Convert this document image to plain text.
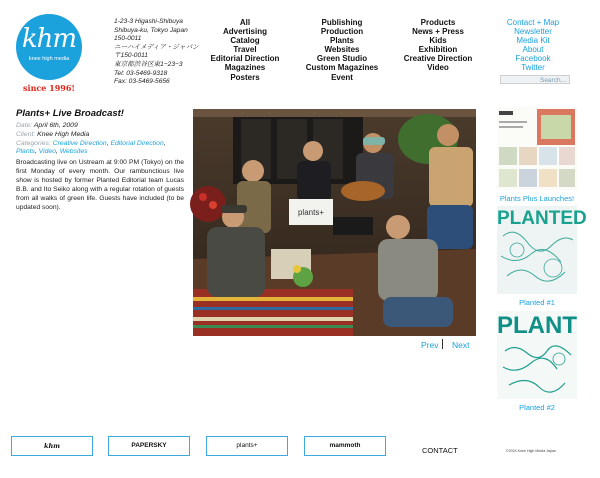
khm
knee high media
since 1996!
1-23-3 Higashi-Shibuya
Shibuya-ku, Tokyo Japan
150-0011
ニーハイメディア・ジャパン
〒150-0011
東京都渋谷区東1−23−3
Tel: 03-5469-9318
Fax: 03-5469-5656
All
Advertising
Catalog
Travel
Editorial Direction
Magazines
Posters
Publishing
Production
Plants
Websites
Green Studio
Custom Magazines
Event
Products
News + Press
Kids
Exhibition
Creative Direction
Video
Contact + Map
Newsletter
Media Kit
About
Facebook
Twitter
Search...
Plants+ Live Broadcast!
Date: April 6th, 2009
Client: Knee High Media
Categories: Creative Direction, Editorial Direction,
Plants, Video, Websites
Broadcasting live on Ustream at 9:00 PM (Tokyo) on the first Monday of every month. Our rambunctious live show is hosted by former Planted Editorial team Lucas B.B. and Ito Seiko along with a regular rotation of guests from all walks of green life. Guests have included (to be updated soon).
plants+
Prev Next
Plants Plus Launches!
PLANTED
Planted #1
PLANT
Planted #2
khm	PAPERSKY	plants+	mammoth
CONTACT	©2024 Knee High Media Japan
